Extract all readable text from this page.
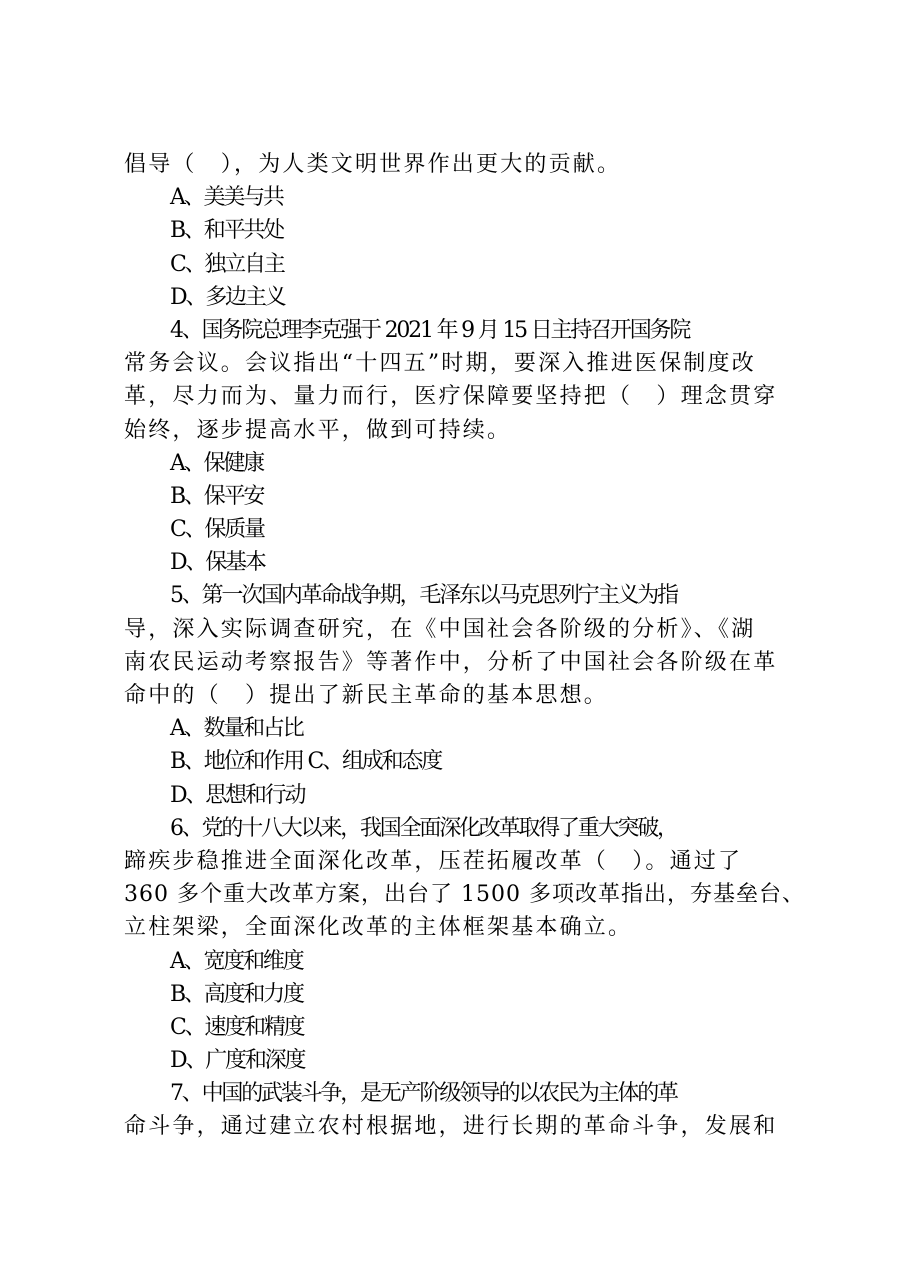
倡导（　），为人类文明世界作出更大的贡献。
A、美美与共
B、和平共处
C、独立自主
D、多边主义
4、国务院总理李克强于 2021 年 9 月 15 日主持召开国务院
常务会议。会议指出“十四五”时期，要深入推进医保制度改
革，尽力而为、量力而行，医疗保障要坚持把（　）理念贯穿
始终，逐步提高水平，做到可持续。
A、保健康
B、保平安
C、保质量
D、保基本
5、第一次国内革命战争期，毛泽东以马克思列宁主义为指
导，深入实际调查研究，在《中国社会各阶级的分析》、《湖
南农民运动考察报告》等著作中，分析了中国社会各阶级在革
命中的（　）提出了新民主革命的基本思想。
A、数量和占比
B、地位和作用 C、组成和态度
D、思想和行动
6、党的十八大以来，我国全面深化改革取得了重大突破，
蹄疾步稳推进全面深化改革，压茬拓履改革（　）。通过了
360 多个重大改革方案，出台了 1500 多项改革指出，夯基垒台、
立柱架梁，全面深化改革的主体框架基本确立。
A、宽度和维度
B、高度和力度
C、速度和精度
D、广度和深度
7、中国的武装斗争，是无产阶级领导的以农民为主体的革
命斗争，通过建立农村根据地，进行长期的革命斗争，发展和
